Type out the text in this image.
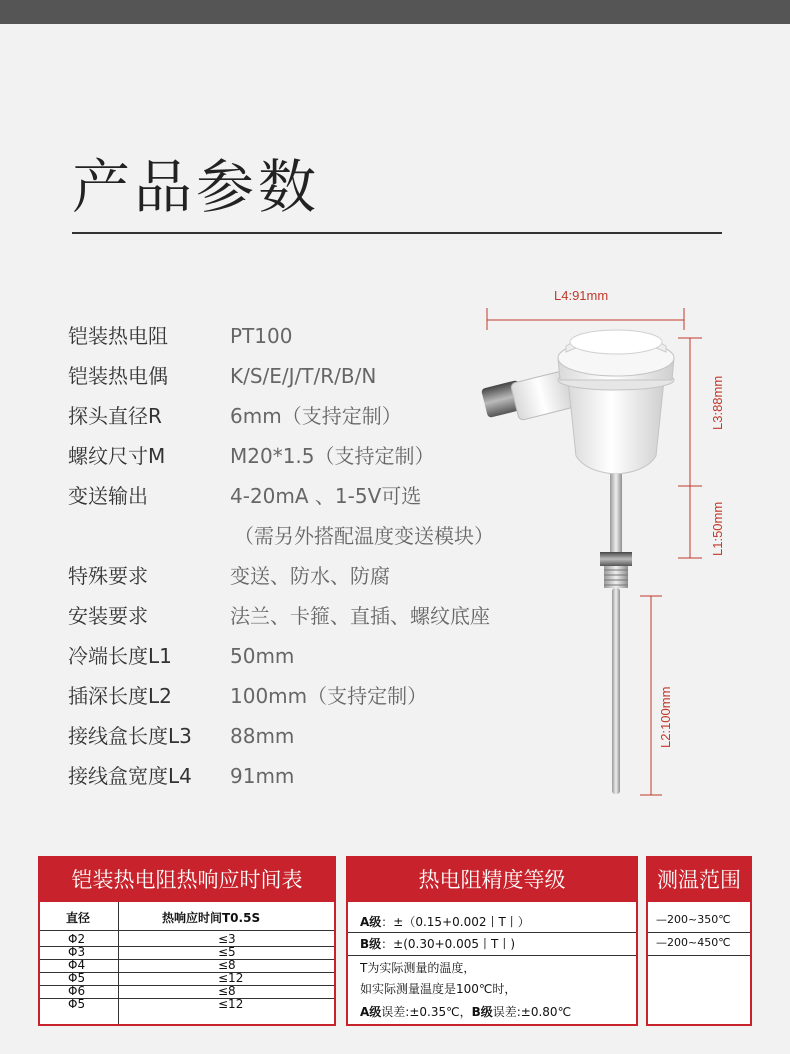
产品参数
铠装热电阻	PT100
铠装热电偶	K/S/E/J/T/R/B/N
探头直径R	6mm（支持定制）
螺纹尺寸M	M20*1.5（支持定制）
变送输出	4-20mA 、1-5V可选
（需另外搭配温度变送模块）
特殊要求	变送、防水、防腐
安装要求	法兰、卡箍、直插、螺纹底座
冷端长度L1	50mm
插深长度L2	100mm（支持定制）
接线盒长度L3	88mm
接线盒宽度L4	91mm
L4:91mm
L3:88mm
L1:50mm
L2:100mm
铠装热电阻热响应时间表
直径	热响应时间T0.5S
Φ2	≤3
Φ3	≤5
Φ4	≤8
Φ5	≤12
Φ6	≤8
Φ5	≤12
热电阻精度等级
A级：±（0.15+0.002丨T丨）
B级：±(0.30+0.005丨T丨)
T为实际测量的温度，
如实际测量温度是100℃时，
A级误差:±0.35℃，B级误差:±0.80℃
测温范围
—200~350℃
—200~450℃
